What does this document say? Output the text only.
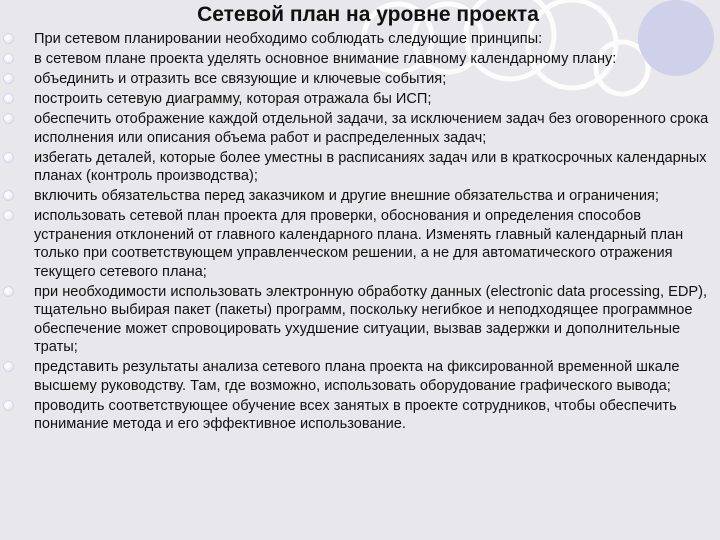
Сетевой план на уровне проекта
При сетевом планировании необходимо соблюдать следующие принципы:
в сетевом плане проекта уделять основное внимание главному календарному плану:
объединить и отразить все связующие и ключевые события;
построить сетевую диаграмму, которая отражала бы ИСП;
обеспечить отображение каждой отдельной задачи, за исключением задач без оговоренного срока исполнения или описания объема работ и распределенных задач;
избегать деталей, которые более уместны в расписаниях задач или в краткосрочных календарных планах (контроль производства);
включить обязательства перед заказчиком и другие внешние обязательства и ограничения;
использовать сетевой план проекта для проверки, обоснования и определения способов устранения отклонений от главного календарного плана. Изменять главный календарный план только при соответствующем управленческом решении, а не для автоматического отражения текущего сетевого плана;
при необходимости использовать электронную обработку данных (electronic data processing, EDP), тщательно выбирая пакет (пакеты) программ, поскольку негибкое и неподходящее программное обеспечение может спровоцировать ухудшение ситуации, вызвав задержки и дополнительные траты;
представить результаты анализа сетевого плана проекта на фиксированной временной шкале высшему руководству. Там, где возможно, использовать оборудование графического вывода;
проводить соответствующее обучение всех занятых в проекте сотрудников, чтобы обеспечить понимание метода и его эффективное использование.
